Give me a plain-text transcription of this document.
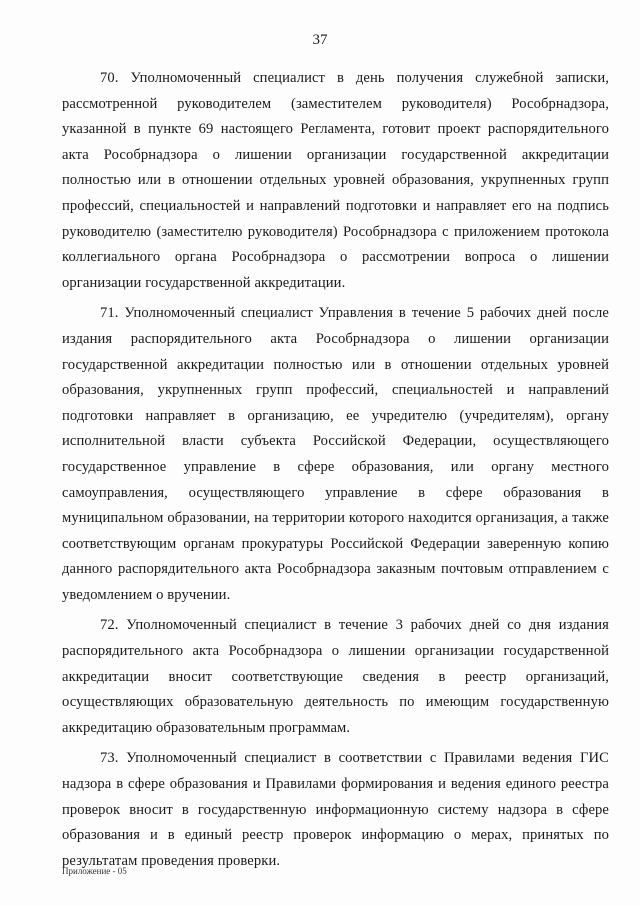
37

70. Уполномоченный специалист в день получения служебной записки, рассмотренной руководителем (заместителем руководителя) Рособрнадзора, указанной в пункте 69 настоящего Регламента, готовит проект распорядительного акта Рособрнадзора о лишении организации государственной аккредитации полностью или в отношении отдельных уровней образования, укрупненных групп профессий, специальностей и направлений подготовки и направляет его на подпись руководителю (заместителю руководителя) Рособрнадзора с приложением протокола коллегиального органа Рособрнадзора о рассмотрении вопроса о лишении организации государственной аккредитации.

71. Уполномоченный специалист Управления в течение 5 рабочих дней после издания распорядительного акта Рособрнадзора о лишении организации государственной аккредитации полностью или в отношении отдельных уровней образования, укрупненных групп профессий, специальностей и направлений подготовки направляет в организацию, ее учредителю (учредителям), органу исполнительной власти субъекта Российской Федерации, осуществляющего государственное управление в сфере образования, или органу местного самоуправления, осуществляющего управление в сфере образования в муниципальном образовании, на территории которого находится организация, а также соответствующим органам прокуратуры Российской Федерации заверенную копию данного распорядительного акта Рособрнадзора заказным почтовым отправлением с уведомлением о вручении.

72. Уполномоченный специалист в течение 3 рабочих дней со дня издания распорядительного акта Рособрнадзора о лишении организации государственной аккредитации вносит соответствующие сведения в реестр организаций, осуществляющих образовательную деятельность по имеющим государственную аккредитацию образовательным программам.

73. Уполномоченный специалист в соответствии с Правилами ведения ГИС надзора в сфере образования и Правилами формирования и ведения единого реестра проверок вносит в государственную информационную систему надзора в сфере образования и в единый реестр проверок информацию о мерах, принятых по результатам проведения проверки.

Приложение - 05
